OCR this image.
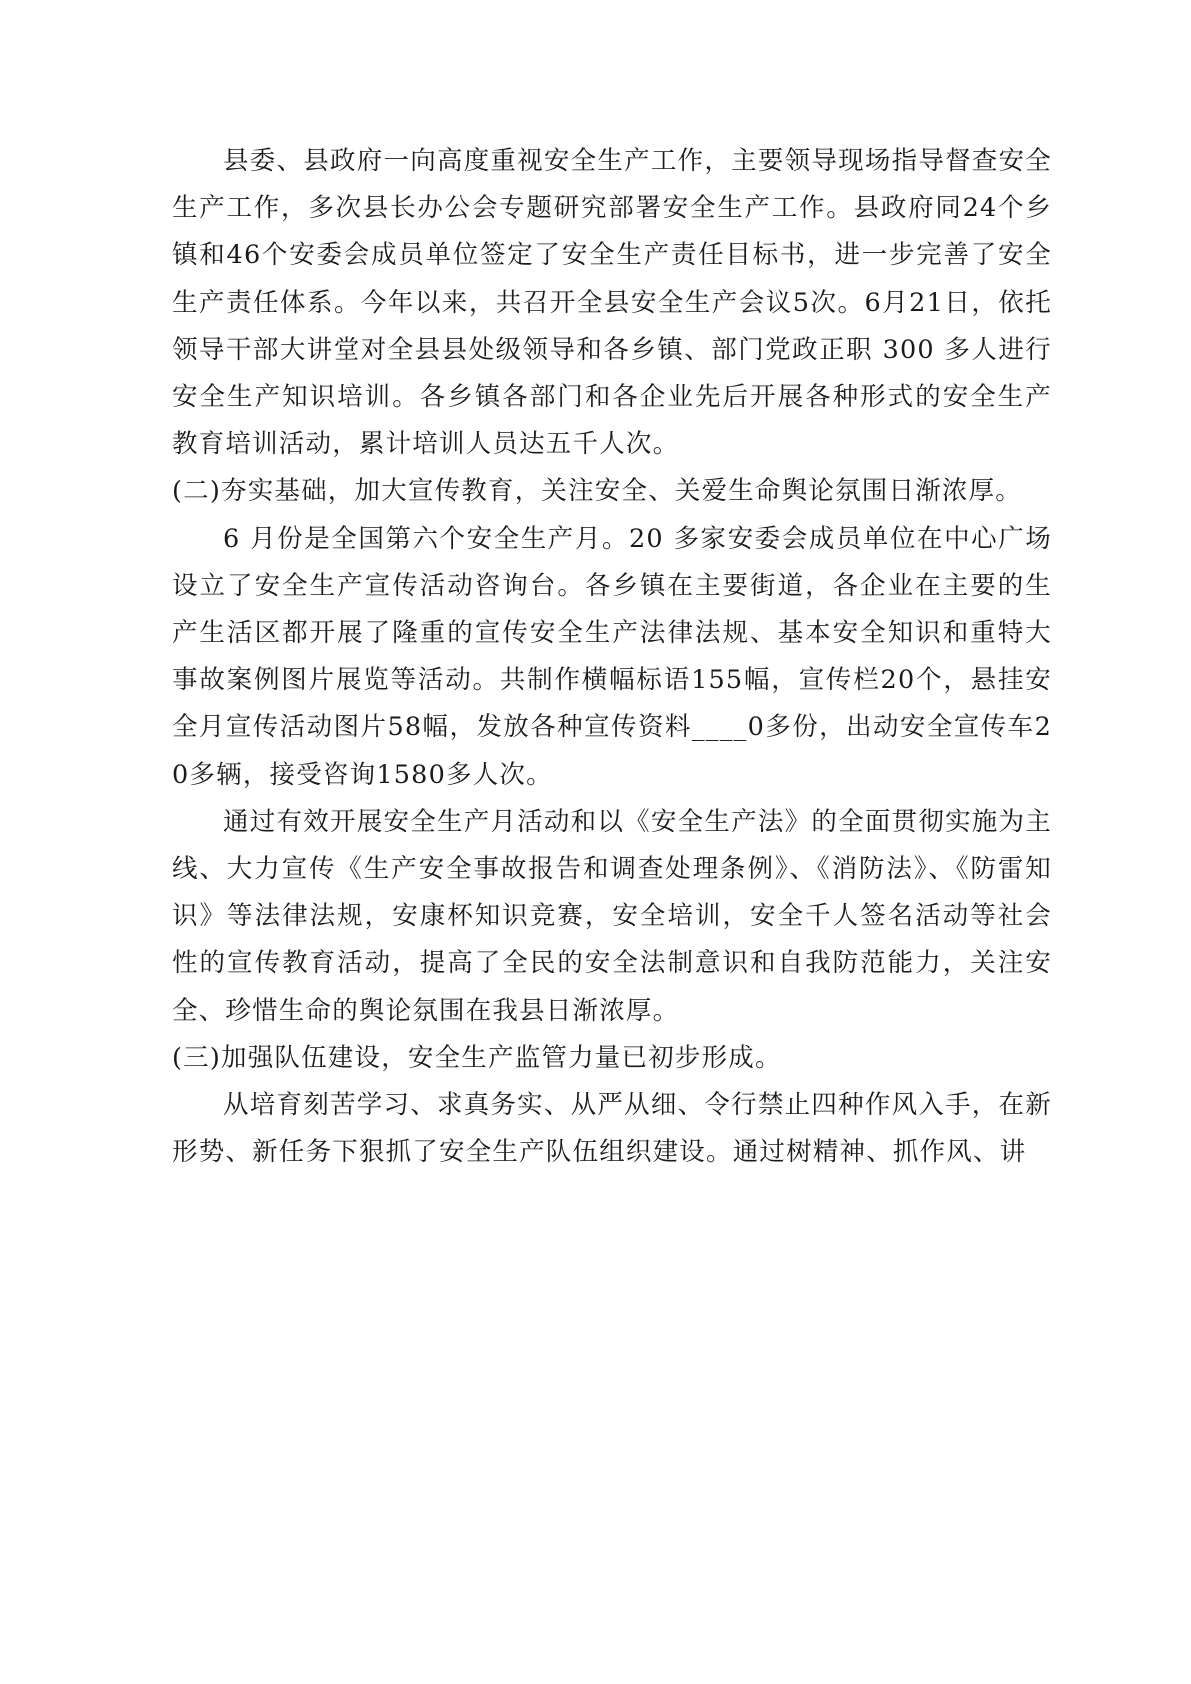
县委、县政府一向高度重视安全生产工作，主要领导现场指导督查安全生产工作，多次县长办公会专题研究部署安全生产工作。县政府同24个乡镇和46个安委会成员单位签定了安全生产责任目标书，进一步完善了安全生产责任体系。今年以来，共召开全县安全生产会议5次。6月21日，依托领导干部大讲堂对全县县处级领导和各乡镇、部门党政正职 300 多人进行安全生产知识培训。各乡镇各部门和各企业先后开展各种形式的安全生产教育培训活动，累计培训人员达五千人次。

(二)夯实基础，加大宣传教育，关注安全、关爱生命舆论氛围日渐浓厚。

6 月份是全国第六个安全生产月。20 多家安委会成员单位在中心广场设立了安全生产宣传活动咨询台。各乡镇在主要街道，各企业在主要的生产生活区都开展了隆重的宣传安全生产法律法规、基本安全知识和重特大事故案例图片展览等活动。共制作横幅标语155幅，宣传栏20个，悬挂安全月宣传活动图片58幅，发放各种宣传资料____0多份，出动安全宣传车20多辆，接受咨询1580多人次。

通过有效开展安全生产月活动和以《安全生产法》的全面贯彻实施为主线、大力宣传《生产安全事故报告和调查处理条例》、《消防法》、《防雷知识》等法律法规，安康杯知识竞赛，安全培训，安全千人签名活动等社会性的宣传教育活动，提高了全民的安全法制意识和自我防范能力，关注安全、珍惜生命的舆论氛围在我县日渐浓厚。

(三)加强队伍建设，安全生产监管力量已初步形成。

从培育刻苦学习、求真务实、从严从细、令行禁止四种作风入手，在新形势、新任务下狠抓了安全生产队伍组织建设。通过树精神、抓作风、讲
